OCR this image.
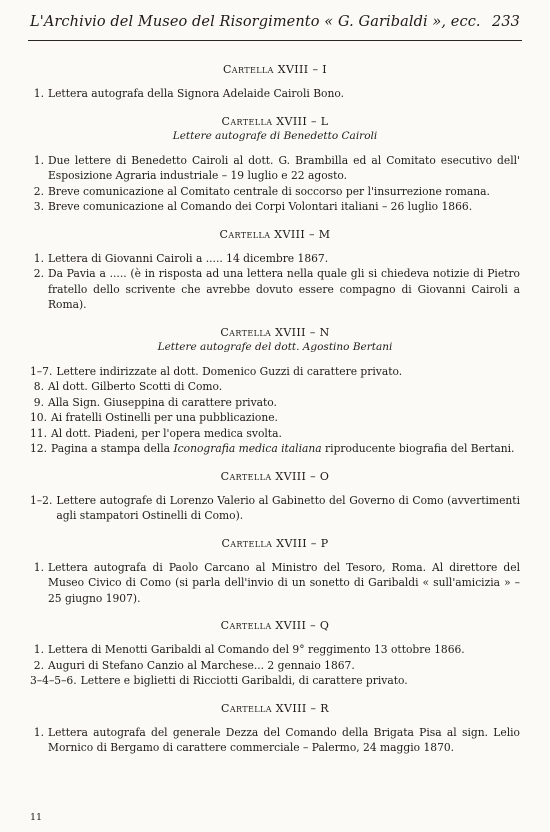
L'Archivio del Museo del Risorgimento « G. Garibaldi », ecc. 233
Cartella XVIII – I
1. Lettera autografa della Signora Adelaide Cairoli Bono.
Cartella XVIII – L
Lettere autografe di Benedetto Cairoli
1. Due lettere di Benedetto Cairoli al dott. G. Brambilla ed al Comitato esecutivo dell' Esposizione Agraria industriale – 19 luglio e 22 agosto.
2. Breve comunicazione al Comitato centrale di soccorso per l'insurrezione romana.
3. Breve comunicazione al Comando dei Corpi Volontari italiani – 26 luglio 1866.
Cartella XVIII – M
1. Lettera di Giovanni Cairoli a ..... 14 dicembre 1867.
2. Da Pavia a ..... (è in risposta ad una lettera nella quale gli si chiedeva notizie di Pietro fratello dello scrivente che avrebbe dovuto essere compagno di Giovanni Cairoli a Roma).
Cartella XVIII – N
Lettere autografe del dott. Agostino Bertani
1–7. Lettere indirizzate al dott. Domenico Guzzi di carattere privato.
8. Al dott. Gilberto Scotti di Como.
9. Alla Sign. Giuseppina di carattere privato.
10. Ai fratelli Ostinelli per una pubblicazione.
11. Al dott. Piadeni, per l'opera medica svolta.
12. Pagina a stampa della Iconografia medica italiana riproducente biografia del Bertani.
Cartella XVIII – O
1–2. Lettere autografe di Lorenzo Valerio al Gabinetto del Governo di Como (avvertimenti agli stampatori Ostinelli di Como).
Cartella XVIII – P
1. Lettera autografa di Paolo Carcano al Ministro del Tesoro, Roma. Al direttore del Museo Civico di Como (si parla dell'invio di un sonetto di Garibaldi « sull'amicizia » – 25 giugno 1907).
Cartella XVIII – Q
1. Lettera di Menotti Garibaldi al Comando del 9° reggimento 13 ottobre 1866.
2. Auguri di Stefano Canzio al Marchese... 2 gennaio 1867.
3–4–5–6. Lettere e biglietti di Ricciotti Garibaldi, di carattere privato.
Cartella XVIII – R
1. Lettera autografa del generale Dezza del Comando della Brigata Pisa al sign. Lelio Mornico di Bergamo di carattere commerciale – Palermo, 24 maggio 1870.
11
